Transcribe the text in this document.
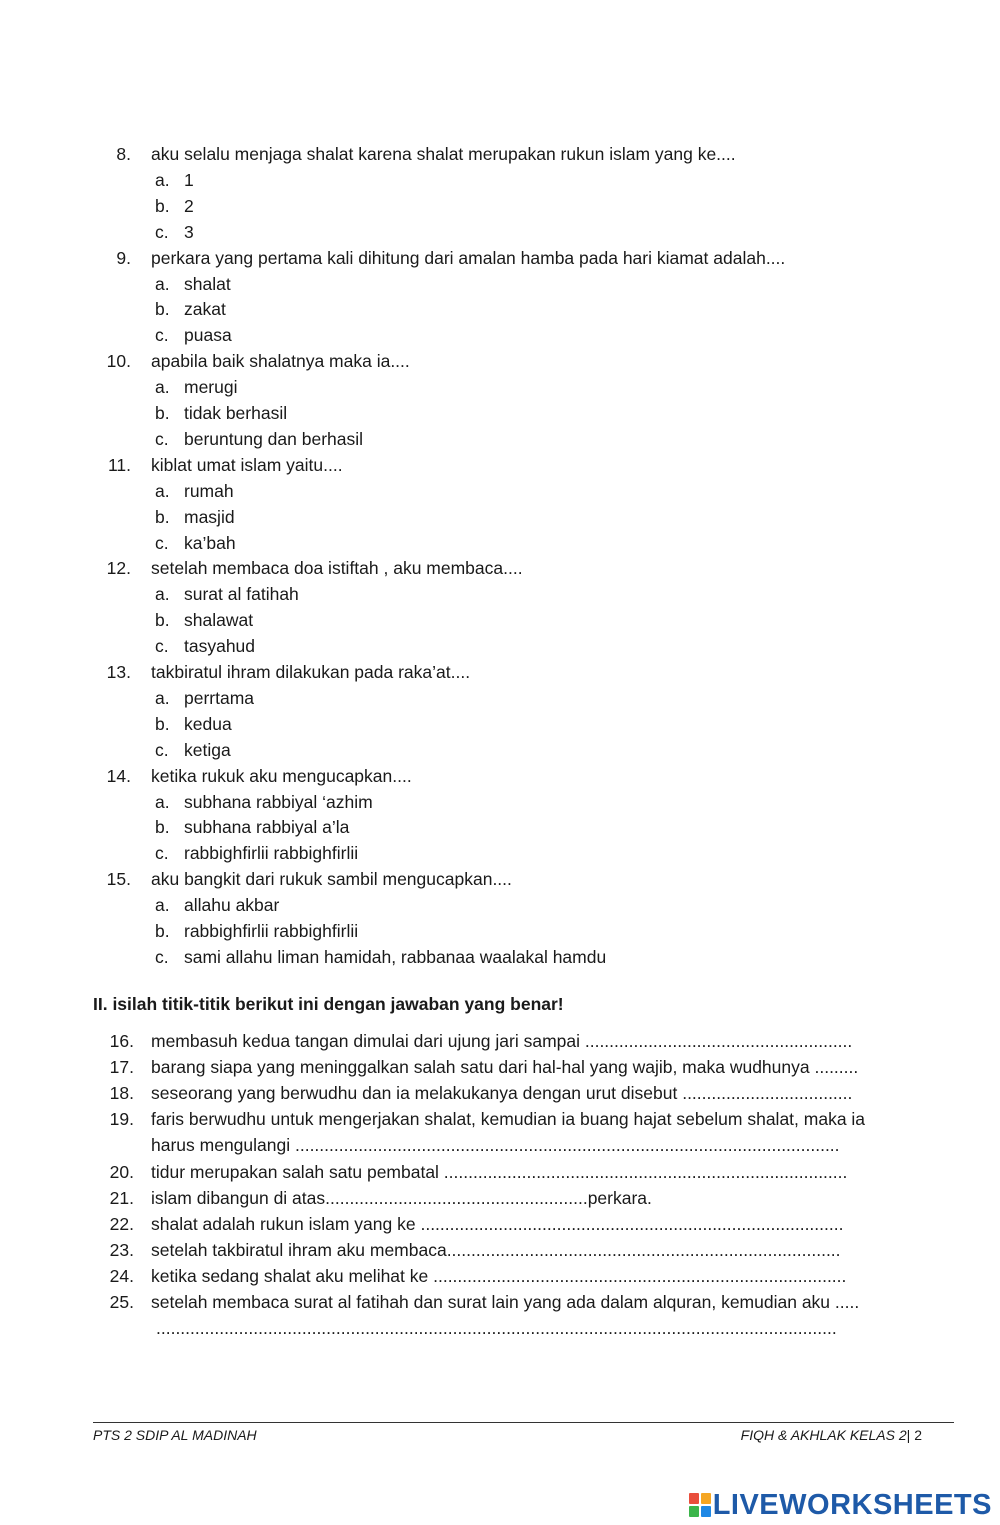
8. aku selalu menjaga shalat karena shalat merupakan rukun islam yang ke....
a. 1
b. 2
c. 3
9. perkara yang pertama kali dihitung dari amalan hamba pada hari kiamat adalah....
a. shalat
b. zakat
c. puasa
10. apabila baik shalatnya maka ia....
a. merugi
b. tidak berhasil
c. beruntung dan berhasil
11. kiblat umat islam yaitu....
a. rumah
b. masjid
c. ka’bah
12. setelah membaca doa istiftah , aku membaca....
a. surat al fatihah
b. shalawat
c. tasyahud
13. takbiratul ihram dilakukan pada raka’at....
a. perrtama
b. kedua
c. ketiga
14. ketika rukuk aku mengucapkan....
a. subhana rabbiyal ‘azhim
b. subhana rabbiyal a’la
c. rabbighfirlii rabbighfirlii
15. aku bangkit dari rukuk sambil mengucapkan....
a. allahu akbar
b. rabbighfirlii rabbighfirlii
c. sami allahu liman hamidah, rabbanaa waalakal hamdu
II. isilah titik-titik berikut ini dengan jawaban yang benar!
16. membasuh kedua tangan dimulai dari ujung jari sampai .......................................................
17. barang siapa yang meninggalkan salah satu dari hal-hal yang wajib, maka wudhunya .........
18. seseorang yang berwudhu dan ia melakukanya dengan urut disebut ...................................
19. faris berwudhu untuk mengerjakan shalat, kemudian ia buang hajat sebelum shalat, maka ia
harus mengulangi ................................................................................................................
20. tidur merupakan salah satu pembatal ...................................................................................
21. islam dibangun di atas......................................................perkara.
22. shalat adalah rukun islam yang ke .......................................................................................
23. setelah takbiratul ihram aku membaca.................................................................................
24. ketika sedang shalat aku melihat ke .....................................................................................
25. setelah membaca surat al fatihah dan surat lain yang ada dalam alquran, kemudian aku .....
............................................................................................................................................
PTS 2 SDIP AL MADINAH	FIQH & AKHLAK KELAS 2| 2
LIVEWORKSHEETS
